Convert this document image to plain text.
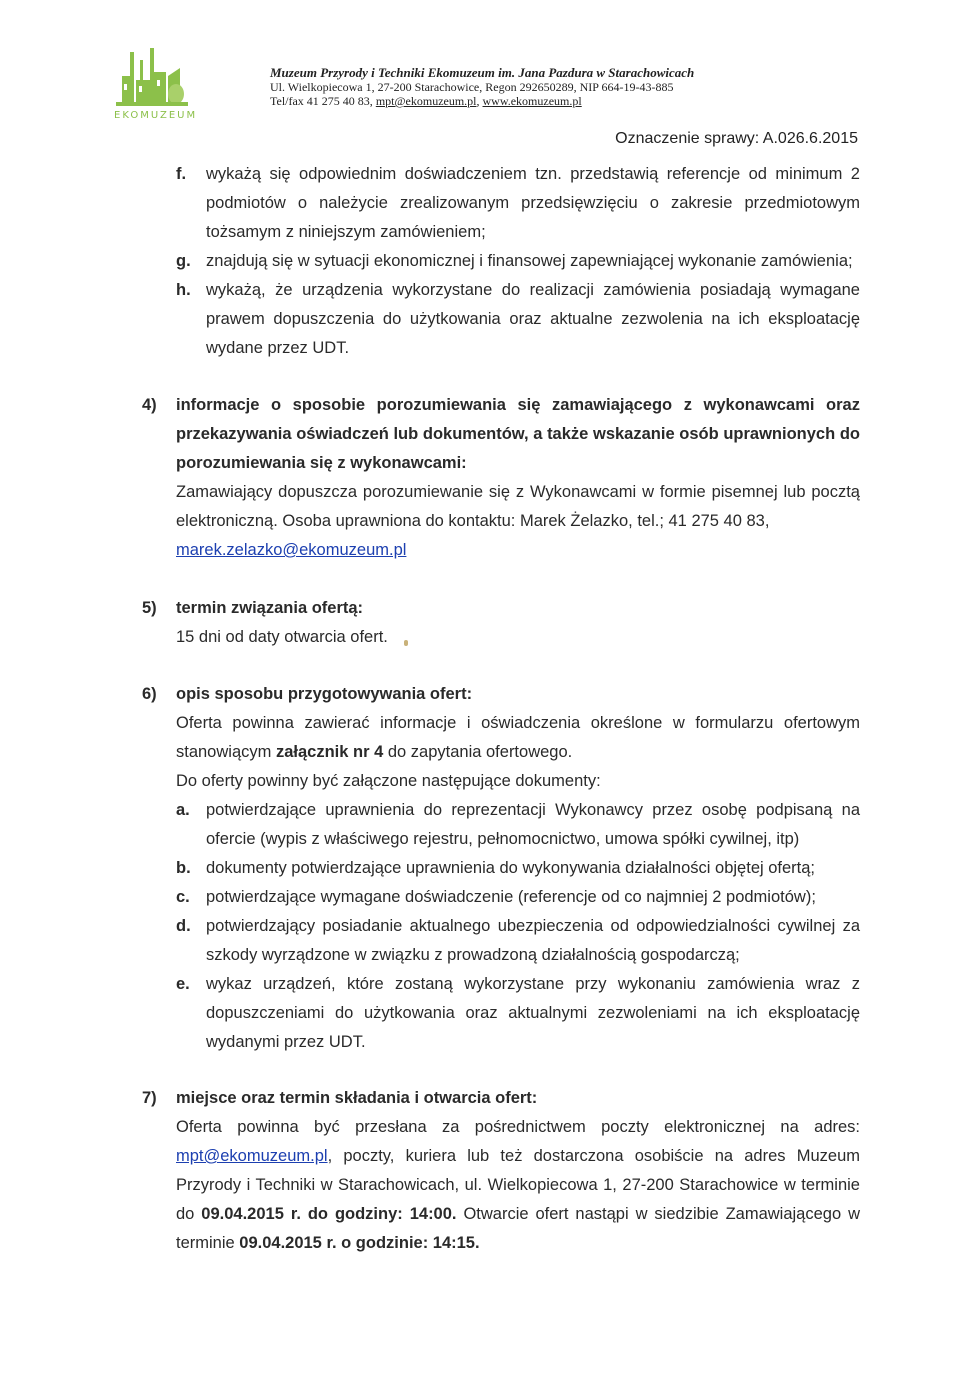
EKOMUZEUM
Muzeum Przyrody i Techniki Ekomuzeum im. Jana Pazdura w Starachowicach
Ul. Wielkopiecowa 1, 27-200 Starachowice, Regon 292650289, NIP 664-19-43-885
Tel/fax 41 275 40 83, mpt@ekomuzeum.pl, www.ekomuzeum.pl
Oznaczenie sprawy: A.026.6.2015
f. wykażą się odpowiednim doświadczeniem tzn. przedstawią referencje od minimum 2 podmiotów o należycie zrealizowanym przedsięwzięciu o zakresie przedmiotowym tożsamym z niniejszym zamówieniem;
g. znajdują się w sytuacji ekonomicznej i finansowej zapewniającej wykonanie zamówienia;
h. wykażą, że urządzenia wykorzystane do realizacji zamówienia posiadają wymagane prawem dopuszczenia do użytkowania oraz aktualne zezwolenia na ich eksploatację wydane przez UDT.
4)	informacje o sposobie porozumiewania się zamawiającego z wykonawcami oraz przekazywania oświadczeń lub dokumentów, a także wskazanie osób uprawnionych do porozumiewania się z wykonawcami:
Zamawiający dopuszcza porozumiewanie się z Wykonawcami w formie pisemnej lub pocztą elektroniczną. Osoba uprawniona do kontaktu: Marek Żelazko, tel.; 41 275 40 83,
marek.zelazko@ekomuzeum.pl
5)	termin związania ofertą:
15 dni od daty otwarcia ofert.
6)	opis sposobu przygotowywania ofert:
Oferta powinna zawierać informacje i oświadczenia określone w formularzu ofertowym stanowiącym załącznik nr 4 do zapytania ofertowego.
Do oferty powinny być załączone następujące dokumenty:
a. potwierdzające uprawnienia do reprezentacji Wykonawcy przez osobę podpisaną na ofercie (wypis z właściwego rejestru, pełnomocnictwo, umowa spółki cywilnej, itp)
b. dokumenty potwierdzające uprawnienia do wykonywania działalności objętej ofertą;
c. potwierdzające wymagane doświadczenie (referencje od co najmniej 2 podmiotów);
d. potwierdzający posiadanie aktualnego ubezpieczenia od odpowiedzialności cywilnej za szkody wyrządzone w związku z prowadzoną działalnością gospodarczą;
e. wykaz urządzeń, które zostaną wykorzystane przy wykonaniu zamówienia wraz z dopuszczeniami do użytkowania oraz aktualnymi zezwoleniami na ich eksploatację wydanymi przez UDT.
7)	miejsce oraz termin składania i otwarcia ofert:
Oferta powinna być przesłana za pośrednictwem poczty elektronicznej na adres: mpt@ekomuzeum.pl, poczty, kuriera lub też dostarczona osobiście na adres Muzeum Przyrody i Techniki w Starachowicach, ul. Wielkopiecowa 1, 27-200 Starachowice w terminie do 09.04.2015 r. do godziny: 14:00. Otwarcie ofert nastąpi w siedzibie Zamawiającego w terminie 09.04.2015 r. o godzinie: 14:15.
